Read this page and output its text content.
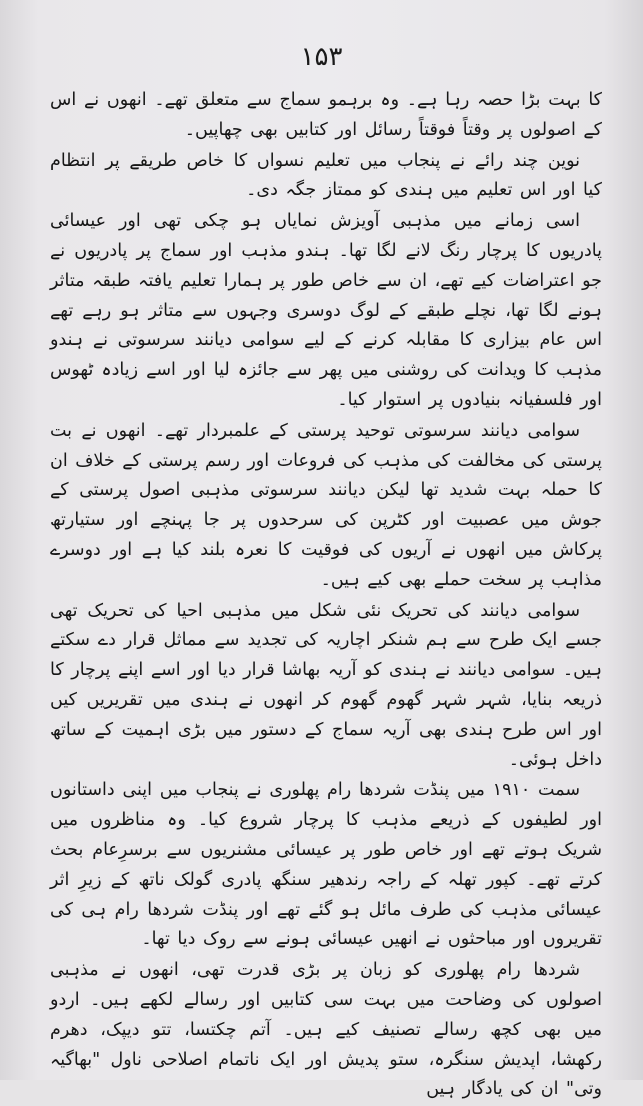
۱۵۳

کا بہت بڑا حصہ رہا ہے۔ وہ برہمو سماج سے متعلق تھے۔ انھوں نے اس کے اصولوں پر وقتاً فوقتاً رسائل اور کتابیں بھی چھاپیں۔

نوین چند رائے نے پنجاب میں تعلیم نسواں کا خاص طریقے پر انتظام کیا اور اس تعلیم میں ہندی کو ممتاز جگہ دی۔

اسی زمانے میں مذہبی آویزش نمایاں ہو چکی تھی اور عیسائی پادریوں کا پرچار رنگ لانے لگا تھا۔ ہندو مذہب اور سماج پر پادریوں نے جو اعتراضات کیے تھے، ان سے خاص طور پر ہمارا تعلیم یافتہ طبقہ متاثر ہونے لگا تھا، نچلے طبقے کے لوگ دوسری وجہوں سے متاثر ہو رہے تھے اس عام بیزاری کا مقابلہ کرنے کے لیے سوامی دیانند سرسوتی نے ہندو مذہب کا ویدانت کی روشنی میں پھر سے جائزہ لیا اور اسے زیادہ ٹھوس اور فلسفیانہ بنیادوں پر استوار کیا۔

سوامی دیانند سرسوتی توحید پرستی کے علمبردار تھے۔ انھوں نے بت پرستی کی مخالفت کی مذہب کی فروعات اور رسم پرستی کے خلاف ان کا حملہ بہت شدید تھا لیکن دیانند سرسوتی مذہبی اصول پرستی کے جوش میں عصبیت اور کٹرپن کی سرحدوں پر جا پہنچے اور ستیارتھ پرکاش میں انھوں نے آریوں کی فوقیت کا نعرہ بلند کیا ہے اور دوسرے مذاہب پر سخت حملے بھی کیے ہیں۔

سوامی دیانند کی تحریک نئی شکل میں مذہبی احیا کی تحریک تھی جسے ایک طرح سے ہم شنکر اچاریہ کی تجدید سے مماثل قرار دے سکتے ہیں۔ سوامی دیانند نے ہندی کو آریہ بھاشا قرار دیا اور اسے اپنے پرچار کا ذریعہ بنایا، شہر شہر گھوم گھوم کر انھوں نے ہندی میں تقریریں کیں اور اس طرح ہندی بھی آریہ سماج کے دستور میں بڑی اہمیت کے ساتھ داخل ہوئی۔

سمت ۱۹۱۰ میں پنڈت شردھا رام پھلوری نے پنجاب میں اپنی داستانوں اور لطیفوں کے ذریعے مذہب کا پرچار شروع کیا۔ وہ مناظروں میں شریک ہوتے تھے اور خاص طور پر عیسائی مشنریوں سے برسرِعام بحث کرتے تھے۔ کپور تھلہ کے راجہ رندھیر سنگھ پادری گولک ناتھ کے زیرِ اثر عیسائی مذہب کی طرف مائل ہو گئے تھے اور پنڈت شردھا رام ہی کی تقریروں اور مباحثوں نے انھیں عیسائی ہونے سے روک دیا تھا۔

شردھا رام پھلوری کو زبان پر بڑی قدرت تھی، انھوں نے مذہبی اصولوں کی وضاحت میں بہت سی کتابیں اور رسالے لکھے ہیں۔ اردو میں بھی کچھ رسالے تصنیف کیے ہیں۔ آتم چکتسا، تتو دیپک، دھرم رکھشا، اپدیش سنگرہ، ستو پدیش اور ایک ناتمام اصلاحی ناول "بھاگیہ وتی" ان کی یادگار ہیں
